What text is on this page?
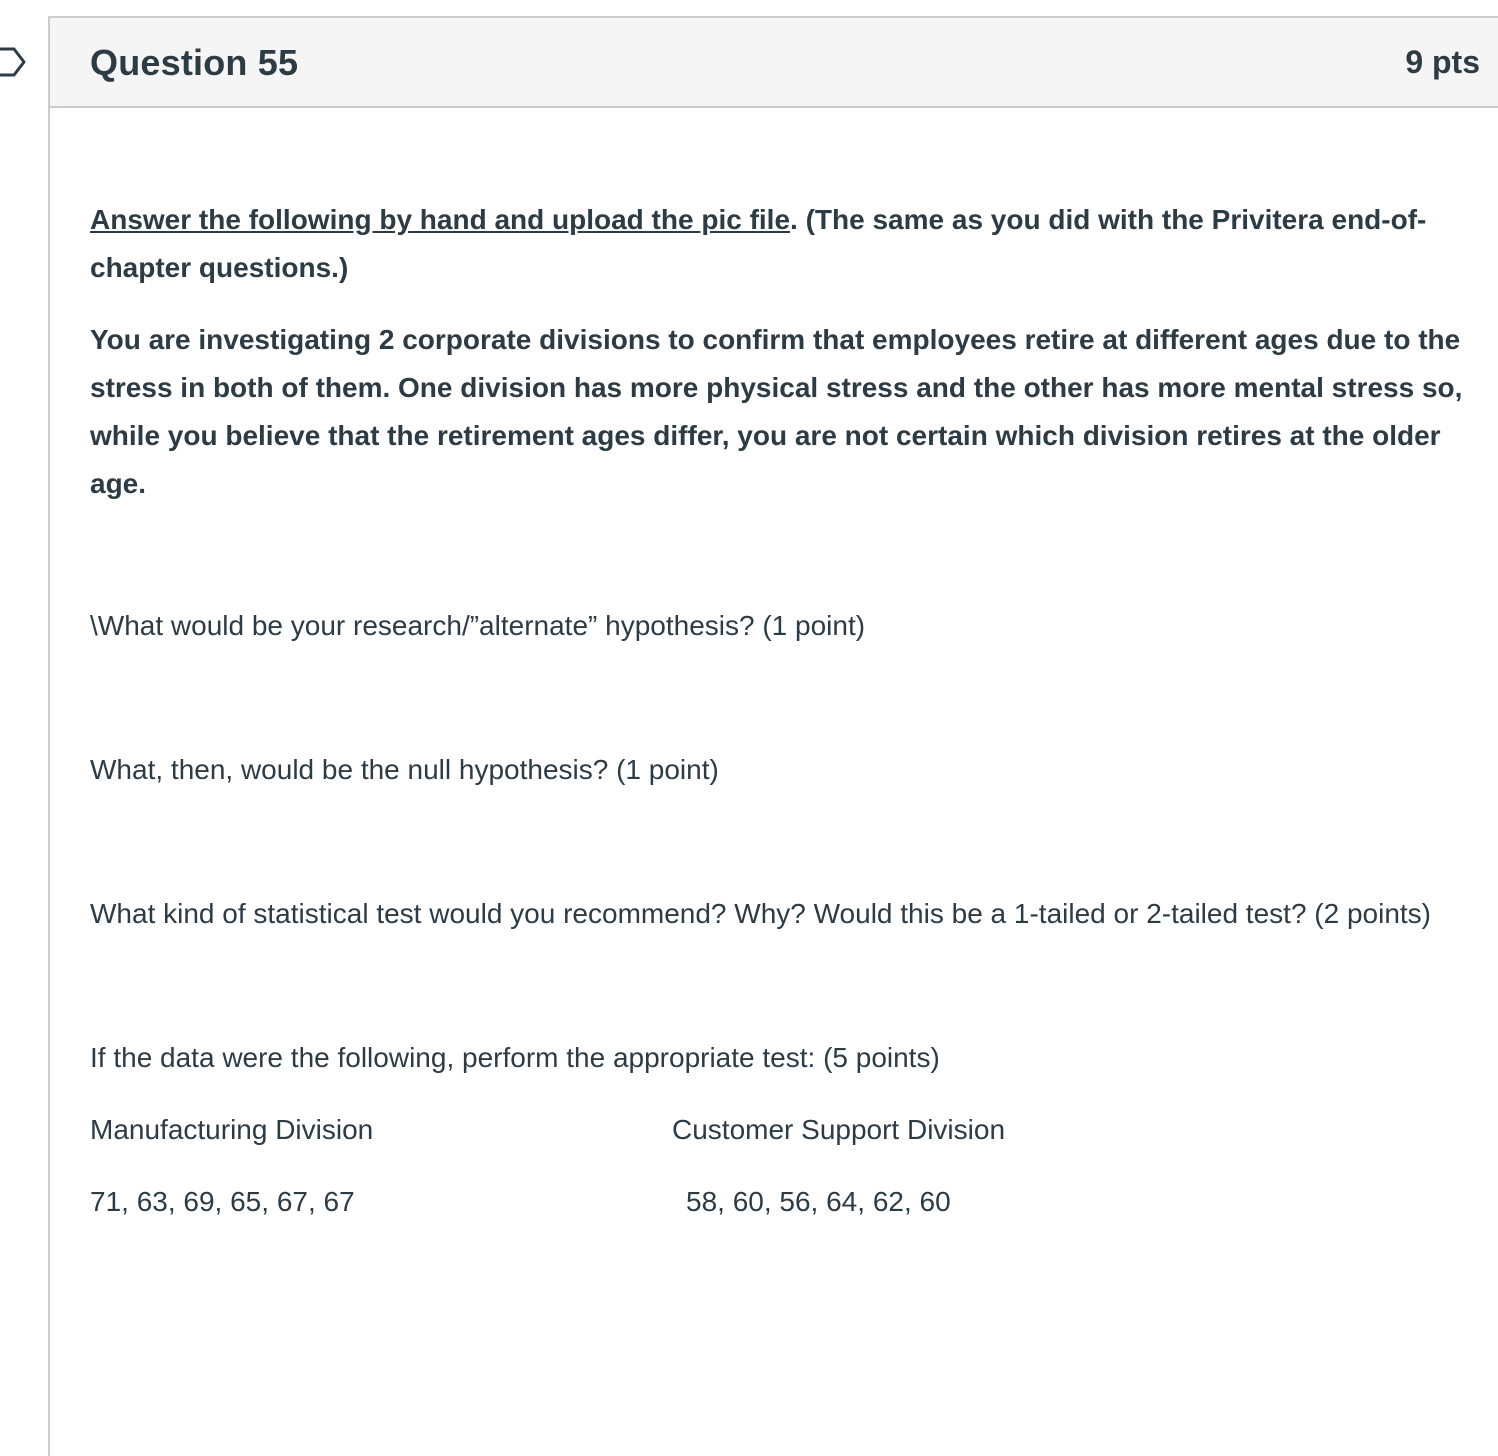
Question 55	9 pts

Answer the following by hand and upload the pic file. (The same as you did with the Privitera end-of-chapter questions.)

You are investigating 2 corporate divisions to confirm that employees retire at different ages due to the stress in both of them. One division has more physical stress and the other has more mental stress so, while you believe that the retirement ages differ, you are not certain which division retires at the older age.

\What would be your research/”alternate” hypothesis? (1 point)

What, then, would be the null hypothesis? (1 point)

What kind of statistical test would you recommend? Why? Would this be a 1-tailed or 2-tailed test? (2 points)

If the data were the following, perform the appropriate test: (5 points)

Manufacturing Division	Customer Support Division
71, 63, 69, 65, 67, 67	58, 60, 56, 64, 62, 60
